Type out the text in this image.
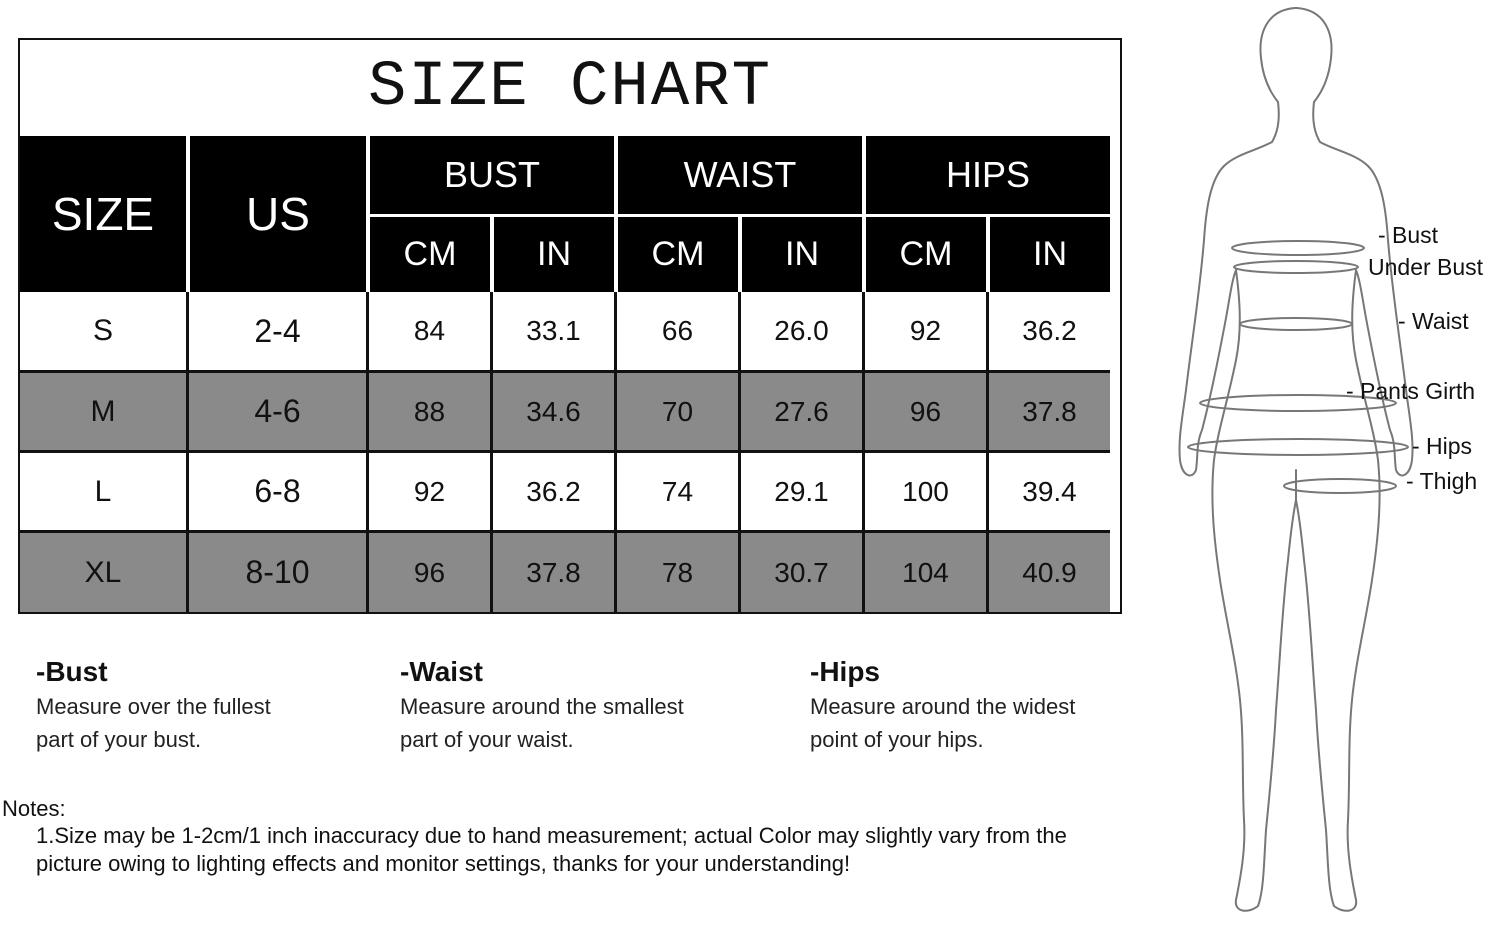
SIZE CHART
SIZE	US
BUST	WAIST	HIPS
CM	IN	CM	IN	CM	IN
S	2-4	84	33.1	66	26.0	92	36.2
M	4-6	88	34.6	70	27.6	96	37.8
L	6-8	92	36.2	74	29.1	100	39.4
XL	8-10	96	37.8	78	30.7	104	40.9
-Bust
Measure over the fullest
part of your bust.
-Waist
Measure around the smallest
part of your waist.
-Hips
Measure around the widest
point of your hips.
Notes:
1.Size may be 1-2cm/1 inch inaccuracy due to hand measurement; actual Color may slightly vary from the
picture owing to lighting effects and monitor settings, thanks for your understanding!
- Bust
Under Bust
- Waist
- Pants Girth
- Hips
- Thigh
